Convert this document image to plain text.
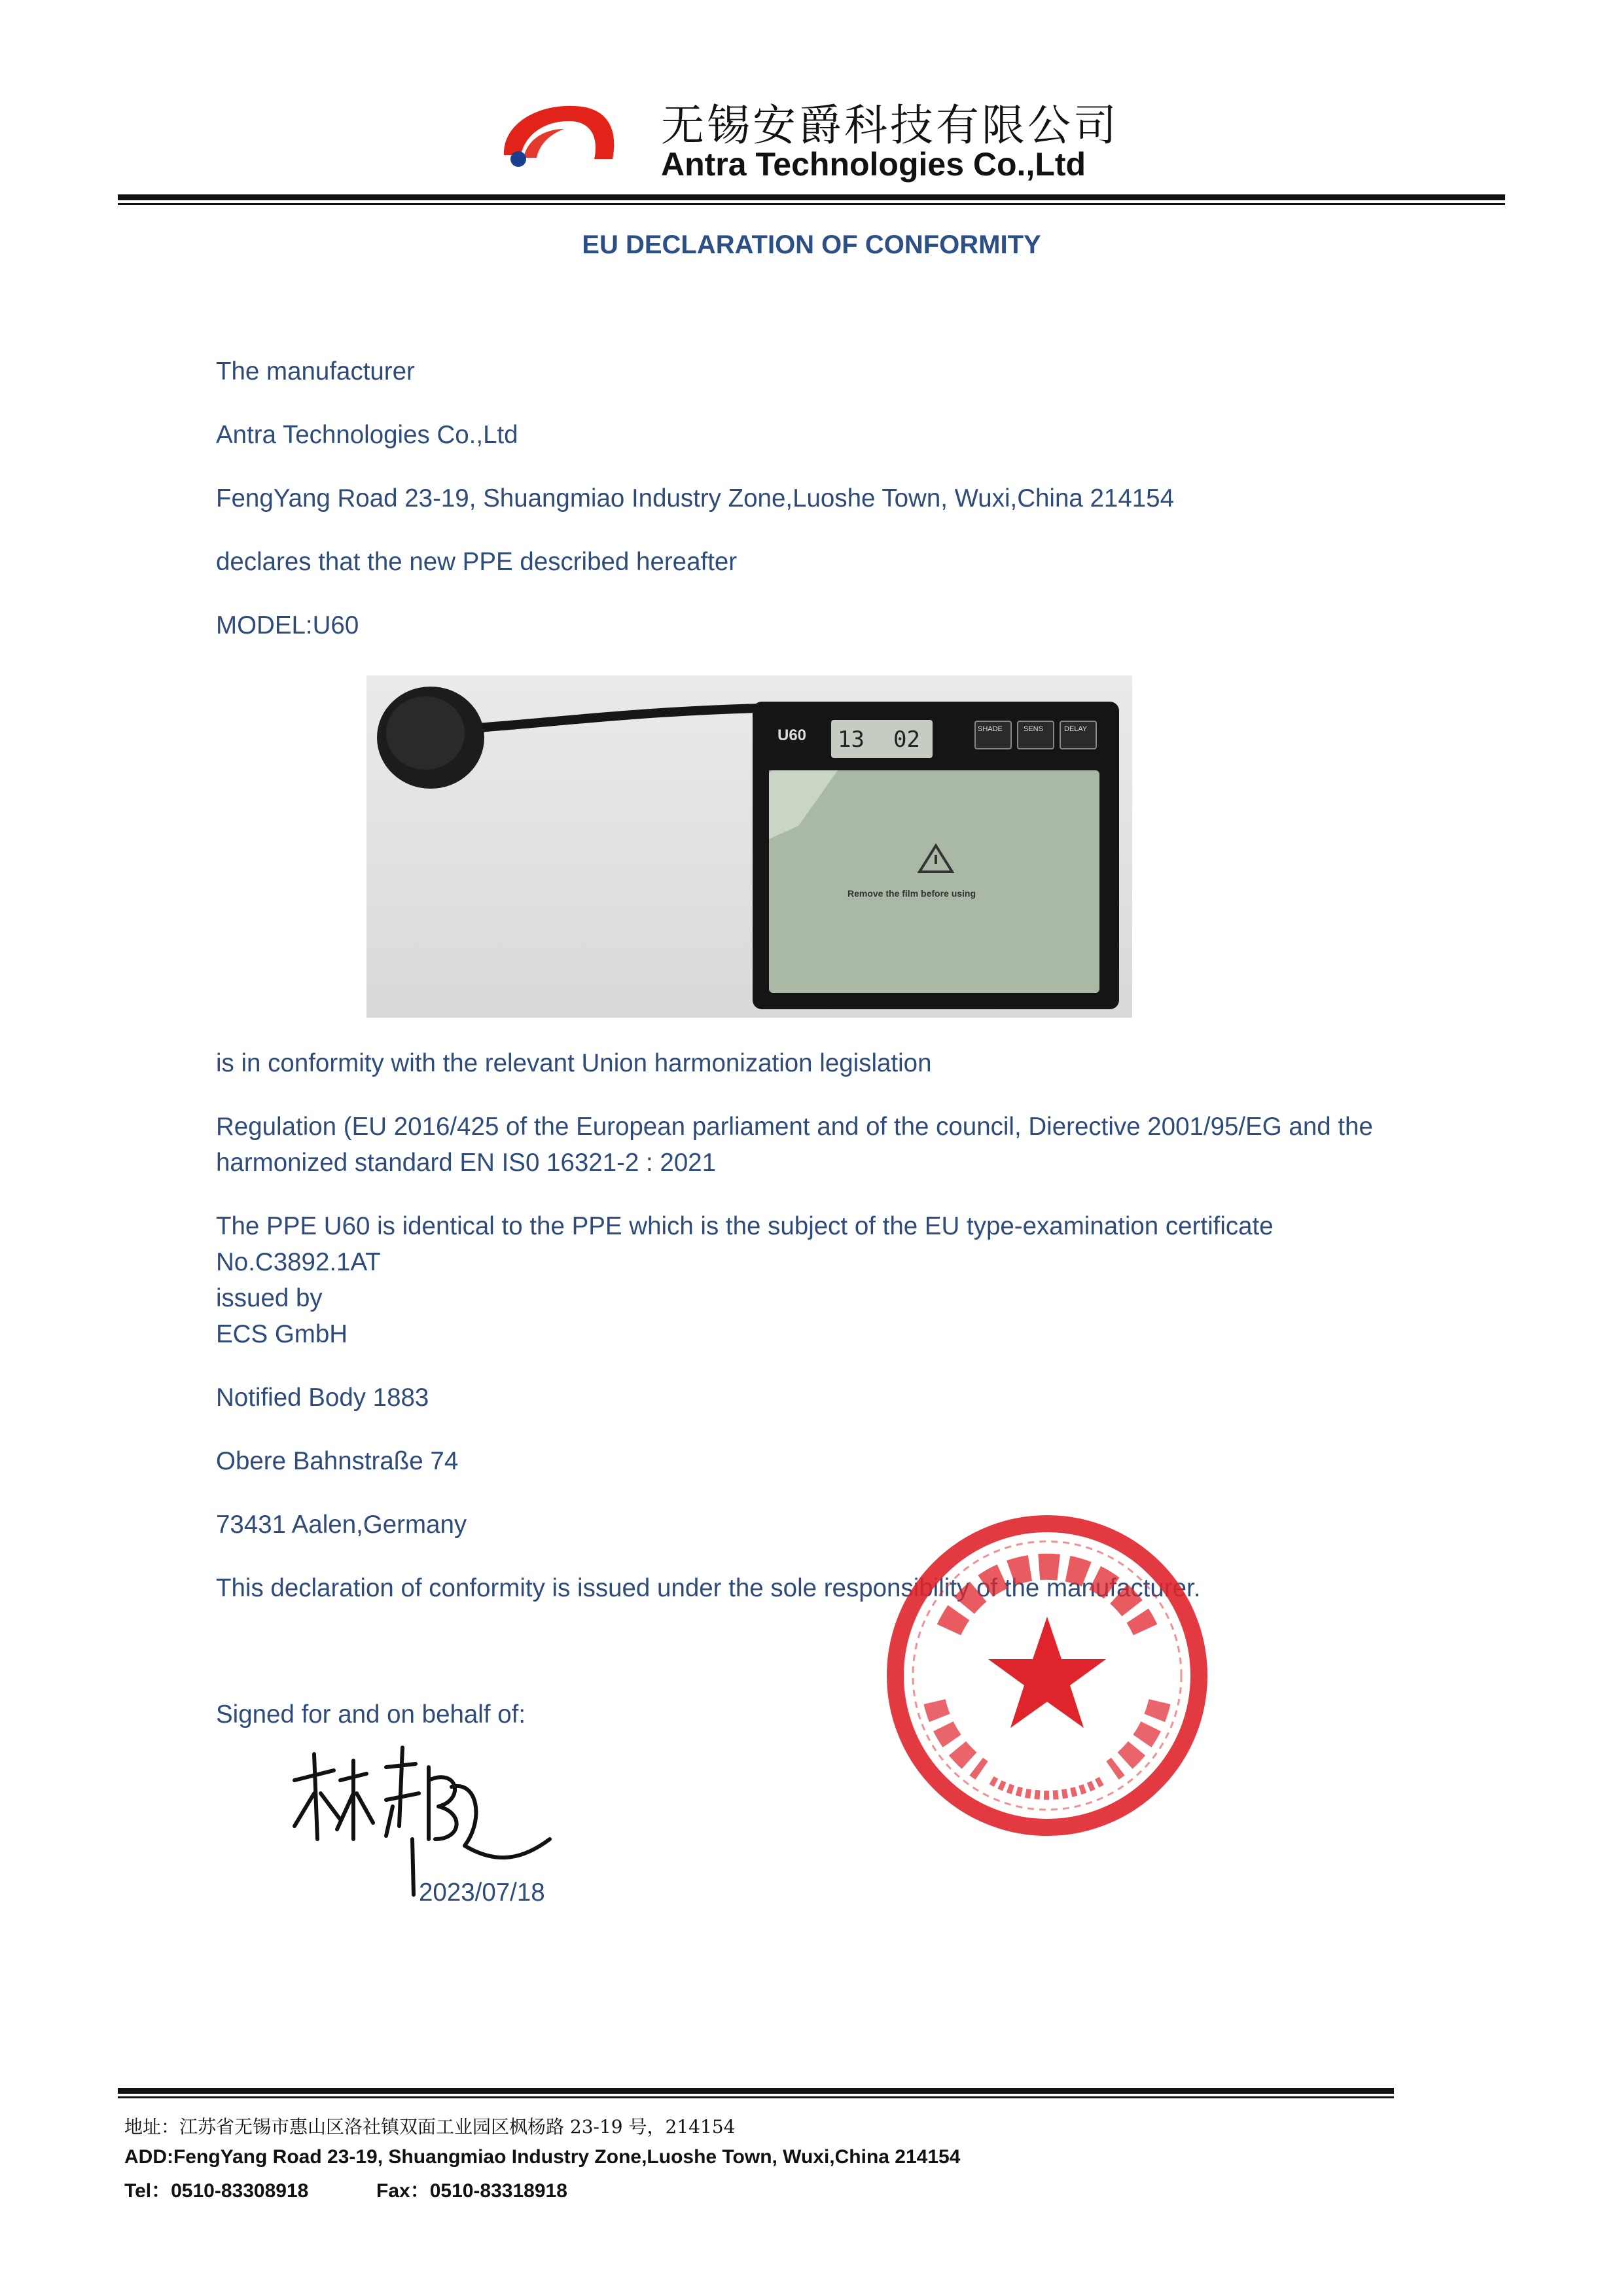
无锡安爵科技有限公司
Antra Technologies Co.,Ltd
EU DECLARATION OF CONFORMITY
The manufacturer
Antra Technologies Co.,Ltd
FengYang Road 23-19, Shuangmiao Industry Zone,Luoshe Town, Wuxi,China 214154
declares that the new PPE described hereafter
MODEL:U60
U60 13 02	SHADE	SENS	DELAY
Remove the film before using
is in conformity with the relevant Union harmonization legislation
Regulation (EU 2016/425 of the European parliament and of the council, Dierective 2001/95/EG and the
harmonized standard EN IS0 16321-2 : 2021
The PPE U60 is identical to the PPE which is the subject of the EU type-examination certificate
No.C3892.1AT
issued by
ECS GmbH
Notified Body 1883
Obere Bahnstraße 74
73431 Aalen,Germany
This declaration of conformity is issued under the sole responsibility of the manufacturer.
Signed for and on behalf of:
2023/07/18
地址：江苏省无锡市惠山区洛社镇双面工业园区枫杨路 23-19 号，214154
ADD:FengYang Road 23-19, Shuangmiao Industry Zone,Luoshe Town, Wuxi,China 214154
Tel：0510-83308918	Fax：0510-83318918
